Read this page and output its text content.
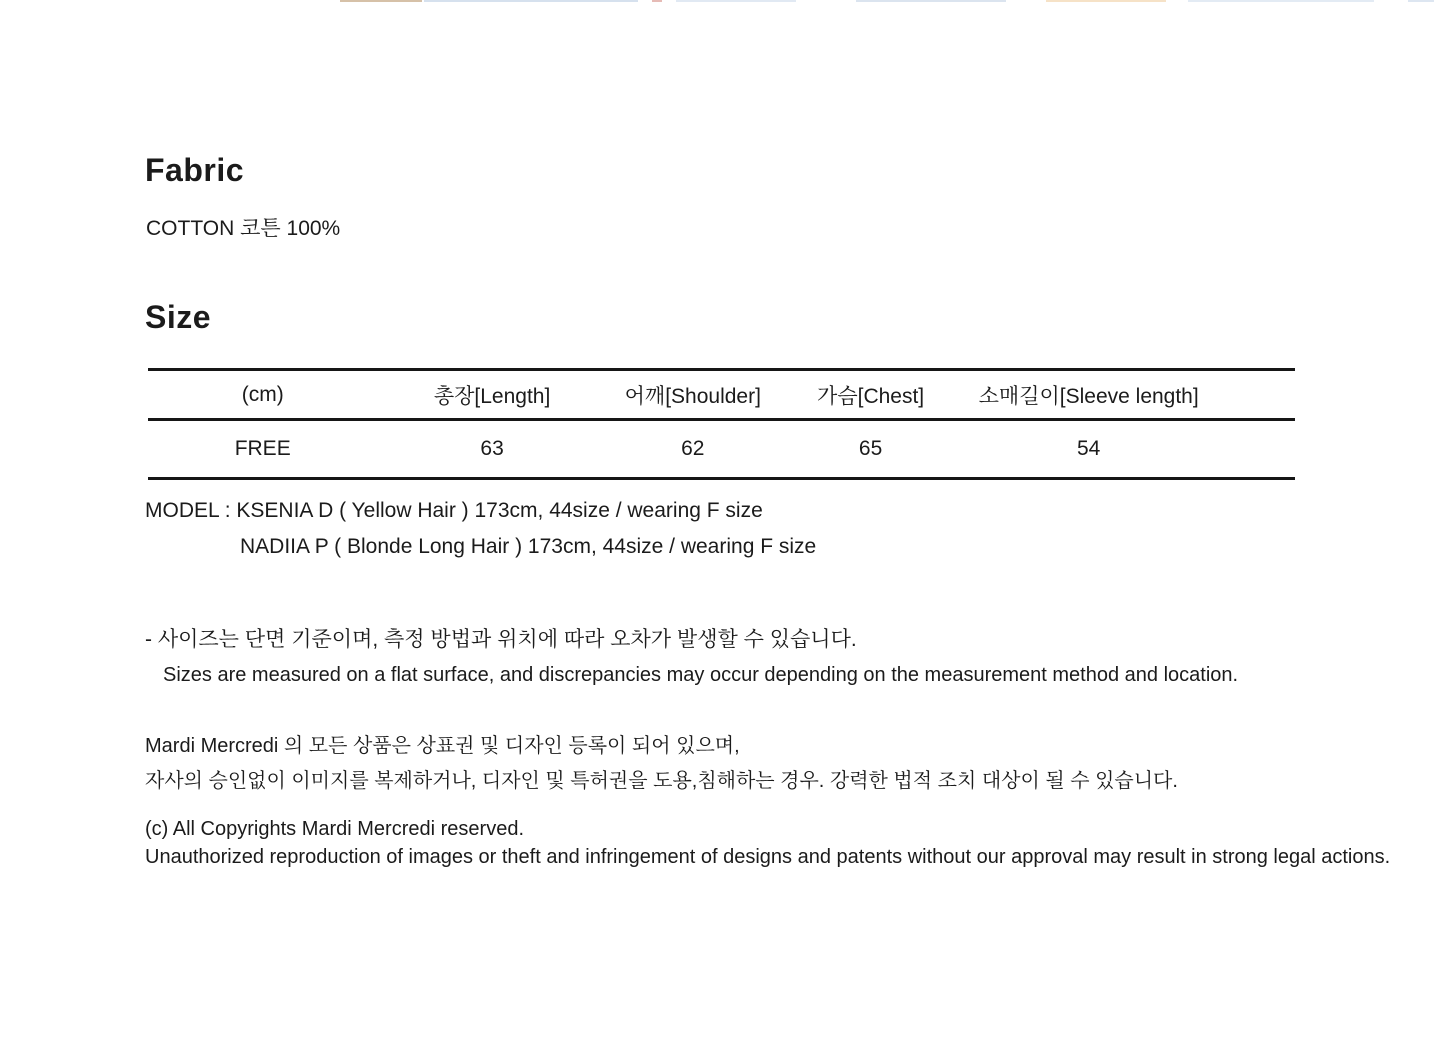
Fabric
COTTON 코튼 100%
Size
(cm)	총장[Length]	어깨[Shoulder]	가슴[Chest]	소매길이[Sleeve length]
FREE	63	62	65	54
MODEL : KSENIA D ( Yellow Hair ) 173cm, 44size / wearing F size
NADIIA P ( Blonde Long Hair ) 173cm, 44size / wearing F size
- 사이즈는 단면 기준이며, 측정 방법과 위치에 따라 오차가 발생할 수 있습니다.
Sizes are measured on a flat surface, and discrepancies may occur depending on the measurement method and location.
Mardi Mercredi 의 모든 상품은 상표권 및 디자인 등록이 되어 있으며,
자사의 승인없이 이미지를 복제하거나, 디자인 및 특허권을 도용,침해하는 경우. 강력한 법적 조치 대상이 될 수 있습니다.
(c) All Copyrights Mardi Mercredi reserved.
Unauthorized reproduction of images or theft and infringement of designs and patents without our approval may result in strong legal actions.
